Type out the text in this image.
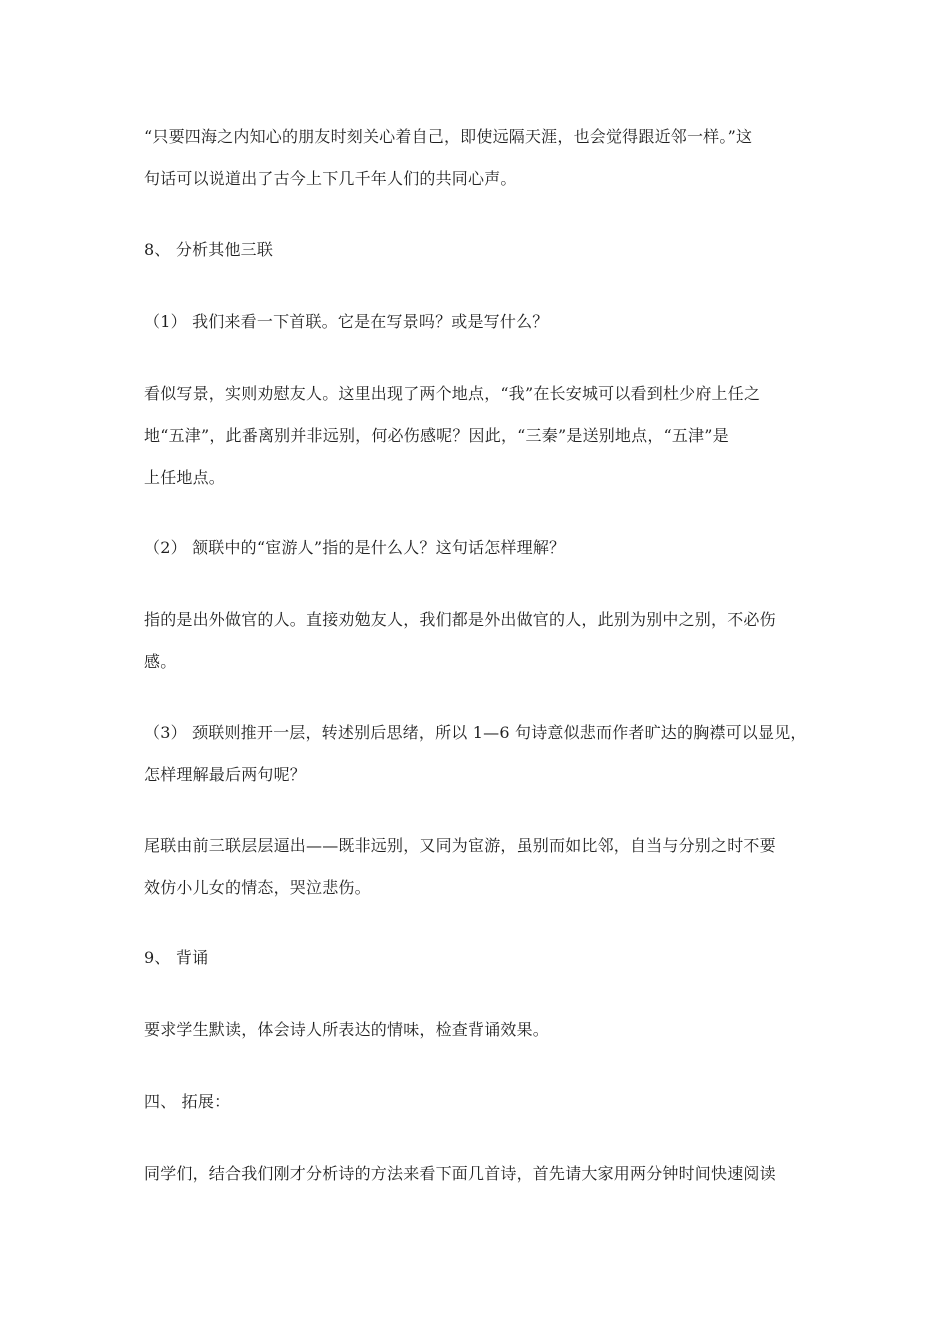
“只要四海之内知心的朋友时刻关心着自己，即使远隔天涯，也会觉得跟近邻一样。”这
句话可以说道出了古今上下几千年人们的共同心声。
8、 分析其他三联
（1） 我们来看一下首联。它是在写景吗？或是写什么？
看似写景，实则劝慰友人。这里出现了两个地点，“我”在长安城可以看到杜少府上任之
地“五津”，此番离别并非远别，何必伤感呢？因此，“三秦”是送别地点，“五津”是
上任地点。
（2） 颔联中的“宦游人”指的是什么人？这句话怎样理解？
指的是出外做官的人。直接劝勉友人，我们都是外出做官的人，此别为别中之别，不必伤
感。
（3） 颈联则推开一层，转述别后思绪，所以 1—6 句诗意似悲而作者旷达的胸襟可以显见，
怎样理解最后两句呢？
尾联由前三联层层逼出——既非远别，又同为宦游，虽别而如比邻，自当与分别之时不要
效仿小儿女的情态，哭泣悲伤。
9、 背诵
要求学生默读，体会诗人所表达的情味，检查背诵效果。
四、 拓展：
同学们，结合我们刚才分析诗的方法来看下面几首诗，首先请大家用两分钟时间快速阅读
